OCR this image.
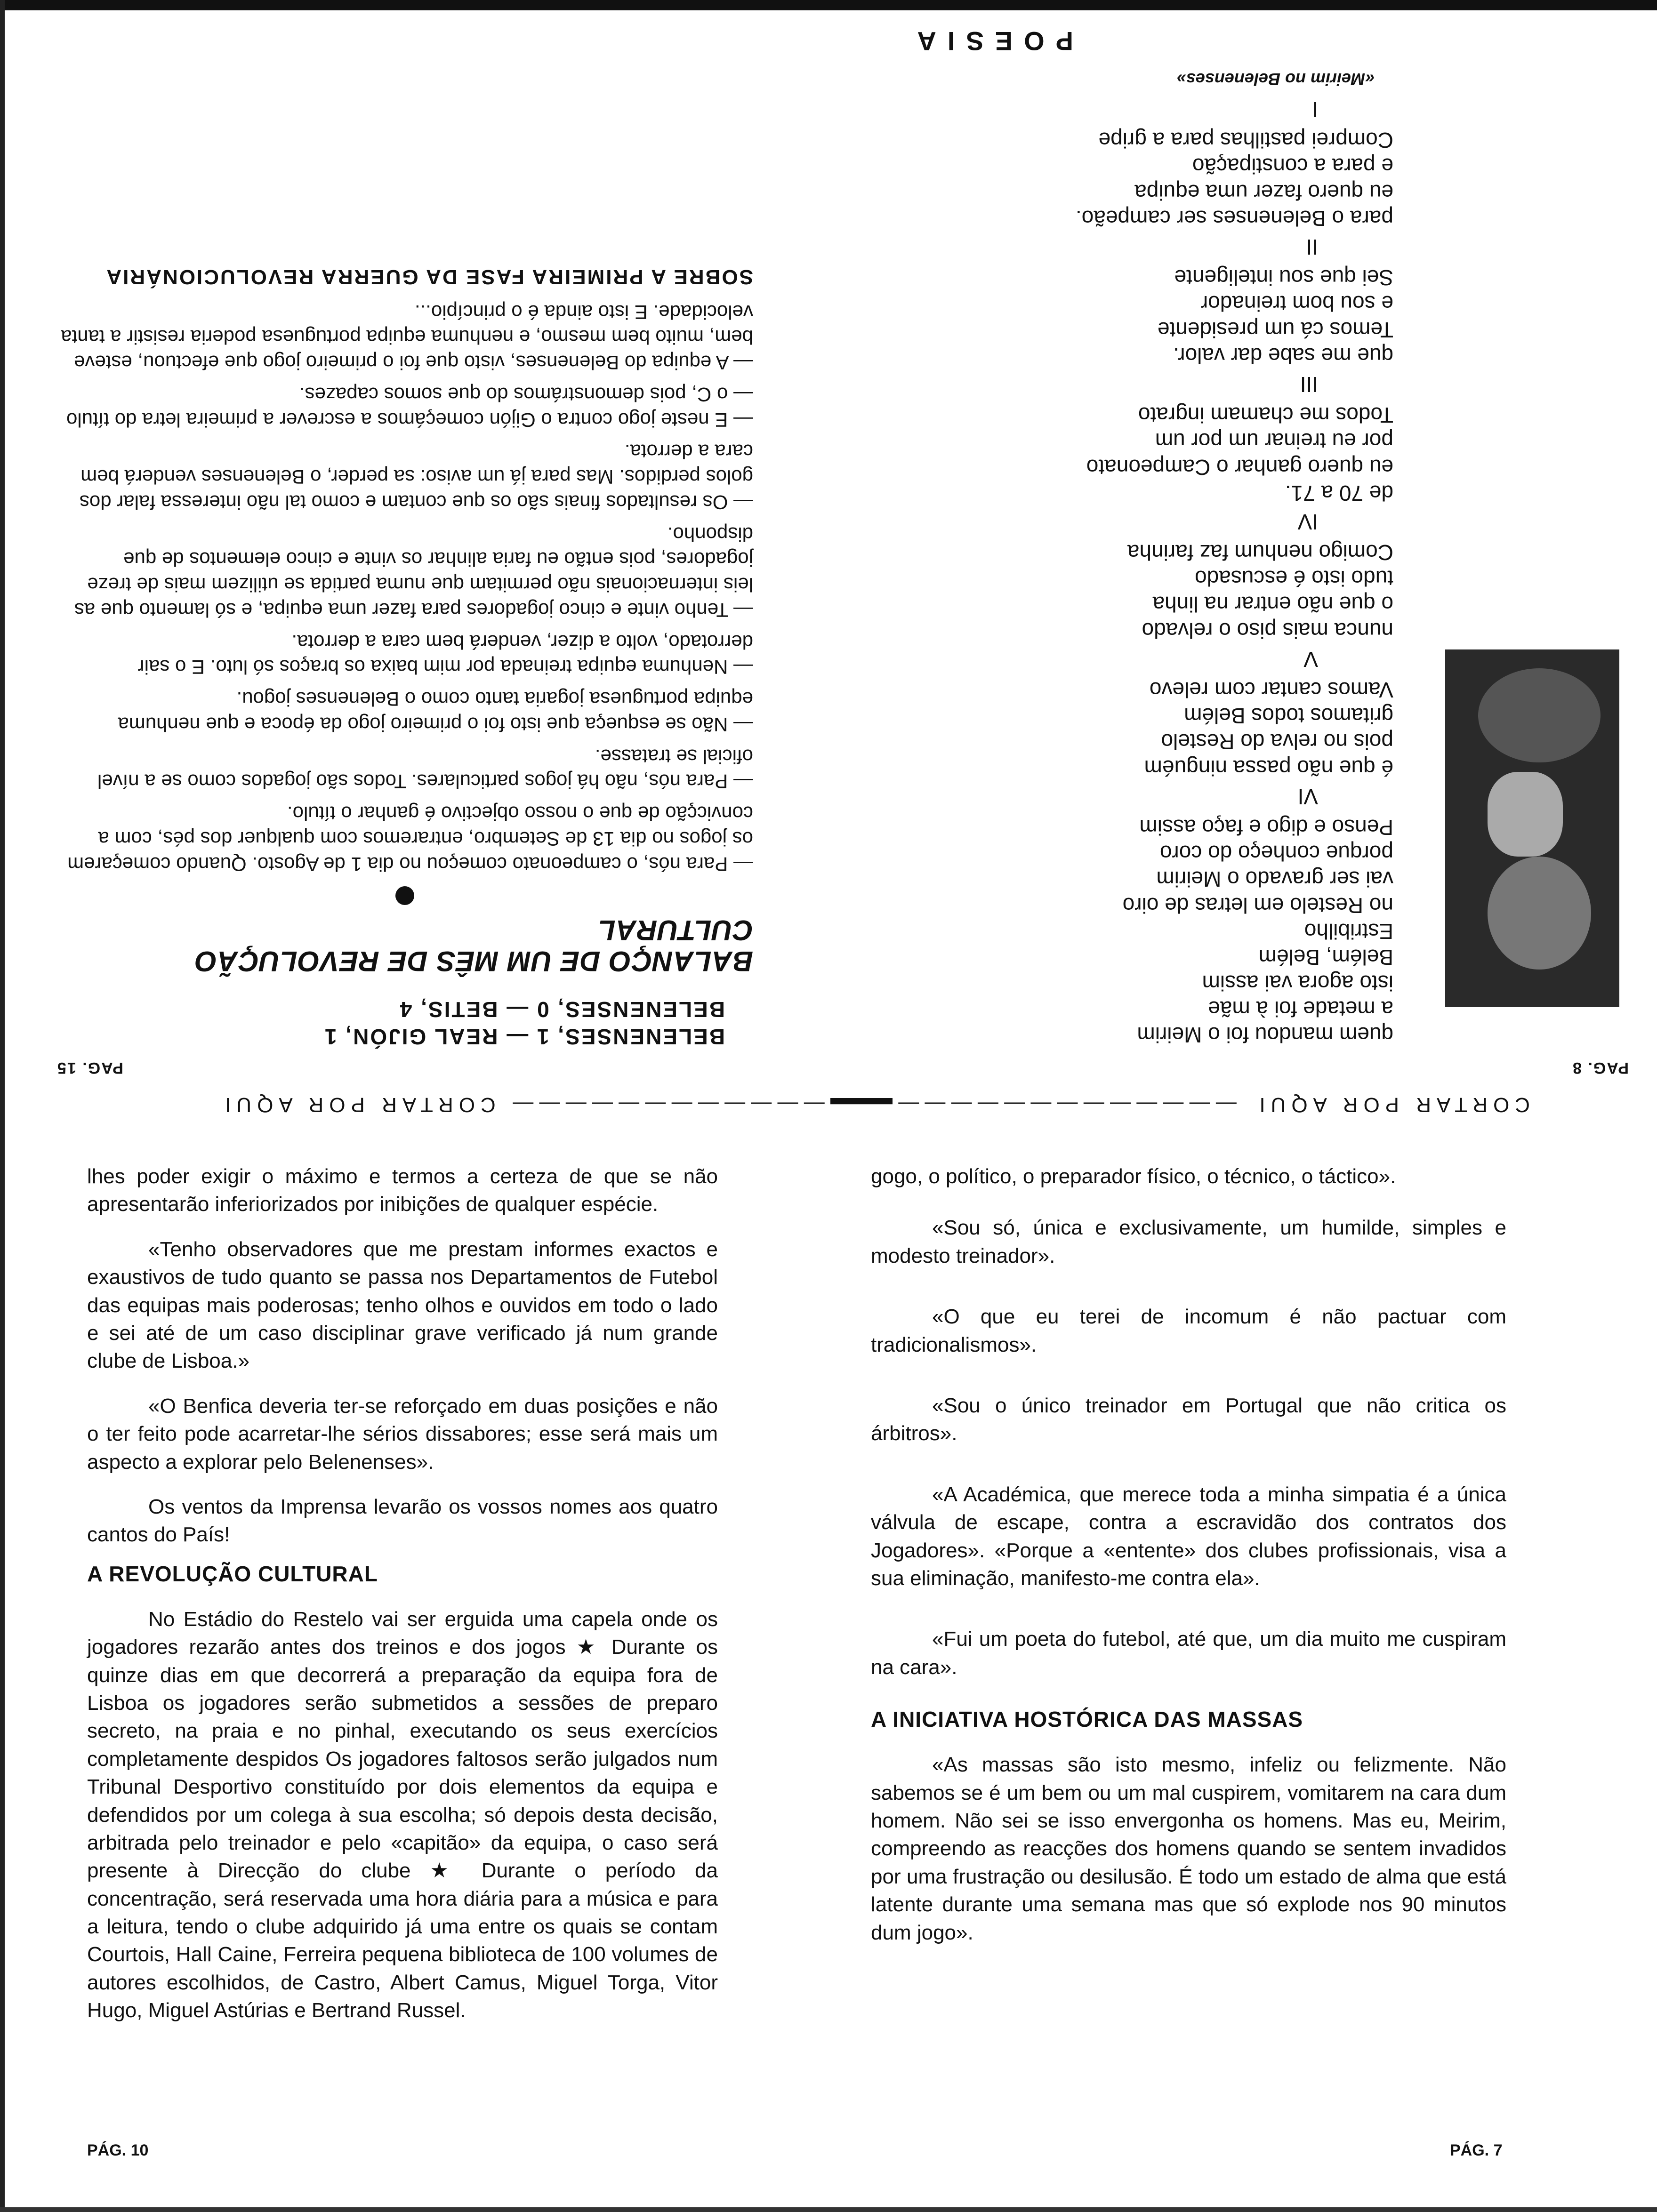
PAG. 15

BELENENSES, 1 — REAL GIJÓN, 1

BELENENSES, 0 — BETIS, 4

BALANÇO DE UM MÊS DE REVOLUÇÃO CULTURAL

— Para nós, o campeonato começou no dia 1 de Agosto. Quando começarem os jogos no dia 13 de Setembro, entraremos com qualquer dos pés, com a convicção de que o nosso objectivo é ganhar o título.

— Para nós, não há jogos particulares. Todos são jogados como se a nível oficial se tratasse.

— Não se esqueça que isto foi o primeiro jogo da época e que nenhuma equipa portuguesa jogaria tanto como o Belenenses jogou.

— Nenhuma equipa treinada por mim baixa os braços só luto. E o sair derrotado, volto a dizer, venderá bem cara a derrota.

— Tenho vinte e cinco jogadores para fazer uma equipa, e só lamento que as leis internacionais não permitam que numa partida se utilizem mais de treze jogadores, pois então eu faria alinhar os vinte e cinco elementos de que disponho.

— Os resultados finais são os que contam e como tal não interessa falar dos golos perdidos. Mas para já um aviso: sa perder, o Belenenses venderá bem cara a derrota.

— E neste jogo contra o Gijón começámos a escrever a primeira letra do título — o C, pois demonstrámos do que somos capazes.

— A equipa do Belenenses, visto que foi o primeiro jogo que efectuou, esteve bem, muito bem mesmo, e nenhuma equipa portuguesa poderia resistir a tanta velocidade. E isto ainda é o princípio...

SOBRE A PRIMEIRA FASE DA GUERRA REVOLUCIONÁRIA
PAG. 8

quem mandou foi o Meirim

a metade foi à mãe

isto agora vai assim

Belém, Belém

Estribilho

no Restelo em letras de oiro

vai ser gravado o Meirim

porque conheço do coro

Penso e digo e faço assim

VI

é que não passa ninguém

pois no relva do Restelo

gritamos todos Belém

Vamos cantar com relevo

V

nunca mais piso o relvado

o que não entrar na linha

tudo isto é escusado

Comigo nenhum faz farinha

IV

de 70 a 71.

eu quero ganhar o Campeonato

por eu treinar um por um

Todos me chamam ingrato

III

que me sabe dar valor.

Temos cá um presidente

e sou bom treinador

Sei que sou inteligente

II

para o Belenenses ser campeão.

eu quero fazer uma equipa

e para a constipação

Comprei pastilhas para a gripe

I

«Meirim no Belenenses»
POESIA
CORTAR POR AQUI  — — — — — — — — — — — — — ▬▬▬ — — — — — — — — — — — —  CORTAR POR AQUI

lhes poder exigir o máximo e termos a certeza de que se não apresentarão inferiorizados por inibições de qualquer espécie.

«Tenho observadores que me prestam informes exactos e exaustivos de tudo quanto se passa nos Departamentos de Futebol das equipas mais poderosas; tenho olhos e ouvidos em todo o lado e sei até de um caso disciplinar grave verificado já num grande clube de Lisboa.»

«O Benfica deveria ter-se reforçado em duas posições e não o ter feito pode acarretar-lhe sérios dissabores; esse será mais um aspecto a explorar pelo Belenenses».

Os ventos da Imprensa levarão os vossos nomes aos quatro cantos do País!

A REVOLUÇÃO CULTURAL

No Estádio do Restelo vai ser erguida uma capela onde os jogadores rezarão antes dos treinos e dos jogos ★ Durante os quinze dias em que decorrerá a preparação da equipa fora de Lisboa os jogadores serão submetidos a sessões de preparo secreto, na praia e no pinhal, executando os seus exercícios completamente despidos Os jogadores faltosos serão julgados num Tribunal Desportivo constituído por dois elementos da equipa e defendidos por um colega à sua escolha; só depois desta decisão, arbitrada pelo treinador e pelo «capitão» da equipa, o caso será presente à Direcção do clube ★ Durante o período da concentração, será reservada uma hora diária para a música e para a leitura, tendo o clube adquirido já uma entre os quais se contam Courtois, Hall Caine, Ferreira pequena biblioteca de 100 volumes de autores escolhidos, de Castro, Albert Camus, Miguel Torga, Vitor Hugo, Miguel Astúrias e Bertrand Russel.

PÁG. 10

gogo, o político, o preparador físico, o técnico, o táctico».

«Sou só, única e exclusivamente, um humilde, simples e modesto treinador».

«O que eu terei de incomum é não pactuar com tradicionalismos».

«Sou o único treinador em Portugal que não critica os árbitros».

«A Académica, que merece toda a minha simpatia é a única válvula de escape, contra a escravidão dos contratos dos Jogadores». «Porque a «entente» dos clubes profissionais, visa a sua eliminação, manifesto-me contra ela».

«Fui um poeta do futebol, até que, um dia muito me cuspiram na cara».

A INICIATIVA HOSTÓRICA DAS MASSAS

«As massas são isto mesmo, infeliz ou felizmente. Não sabemos se é um bem ou um mal cuspirem, vomitarem na cara dum homem. Não sei se isso envergonha os homens. Mas eu, Meirim, compreendo as reacções dos homens quando se sentem invadidos por uma frustração ou desilusão. É todo um estado de alma que está latente durante uma semana mas que só explode nos 90 minutos dum jogo».

PÁG. 7
